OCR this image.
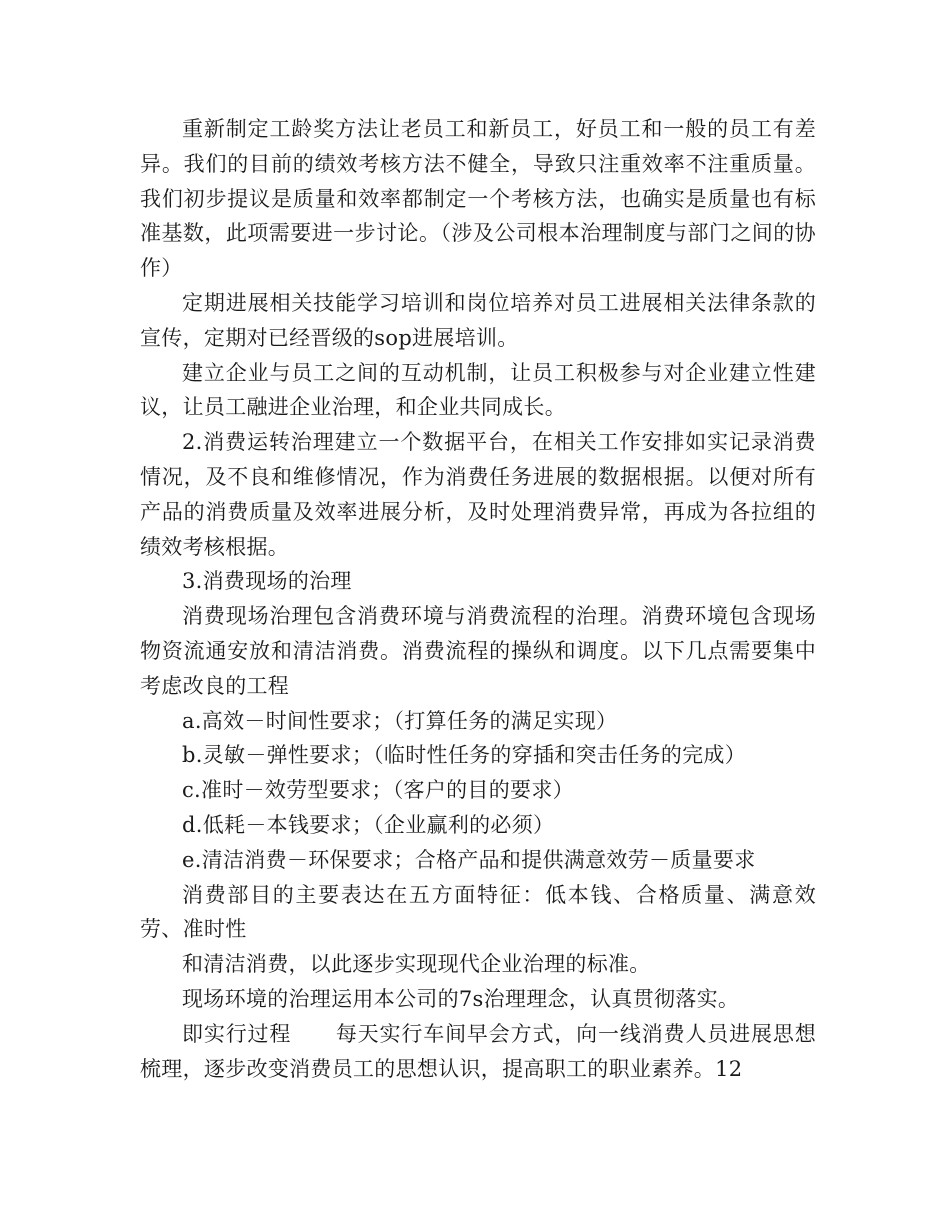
重新制定工龄奖方法让老员工和新员工，好员工和一般的员工有差异。我们的目前的绩效考核方法不健全，导致只注重效率不注重质量。我们初步提议是质量和效率都制定一个考核方法，也确实是质量也有标准基数，此项需要进一步讨论。（涉及公司根本治理制度与部门之间的协作）

定期进展相关技能学习培训和岗位培养对员工进展相关法律条款的宣传，定期对已经晋级的sop进展培训。

建立企业与员工之间的互动机制，让员工积极参与对企业建立性建议，让员工融进企业治理，和企业共同成长。

2.消费运转治理建立一个数据平台，在相关工作安排如实记录消费情况，及不良和维修情况，作为消费任务进展的数据根据。以便对所有产品的消费质量及效率进展分析，及时处理消费异常，再成为各拉组的绩效考核根据。

3.消费现场的治理

消费现场治理包含消费环境与消费流程的治理。消费环境包含现场物资流通安放和清洁消费。消费流程的操纵和调度。以下几点需要集中考虑改良的工程

a.高效－时间性要求；（打算任务的满足实现）

b.灵敏－弹性要求；（临时性任务的穿插和突击任务的完成）

c.准时－效劳型要求；（客户的目的要求）

d.低耗－本钱要求；（企业赢利的必须）

e.清洁消费－环保要求；合格产品和提供满意效劳－质量要求

消费部目的主要表达在五方面特征：低本钱、合格质量、满意效劳、准时性

和清洁消费，以此逐步实现现代企业治理的标准。

现场环境的治理运用本公司的7s治理理念，认真贯彻落实。

即实行过程 每天实行车间早会方式，向一线消费人员进展思想梳理，逐步改变消费员工的思想认识，提高职工的职业素养。12
